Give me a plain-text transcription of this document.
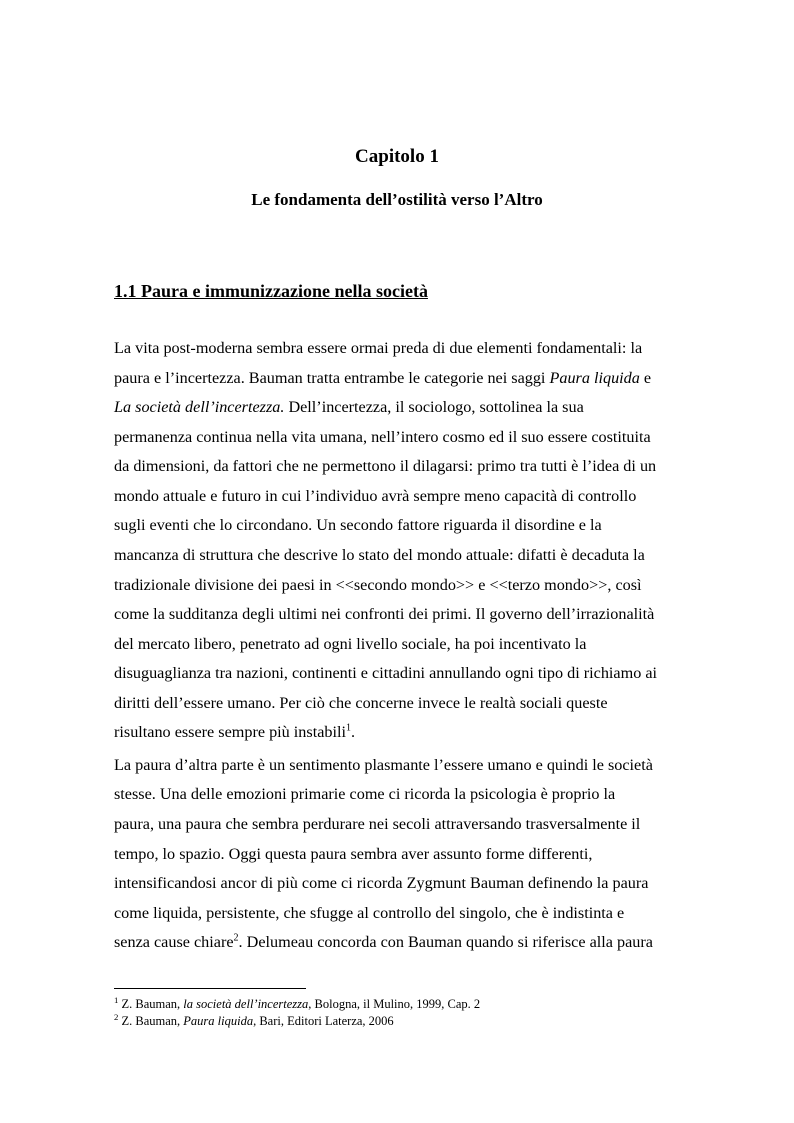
Capitolo 1
Le fondamenta dell’ostilità verso l’Altro
1.1 Paura e immunizzazione nella società

La vita post-moderna sembra essere ormai preda di due elementi fondamentali: la

paura e l’incertezza. Bauman tratta entrambe le categorie nei saggi Paura liquida e

La società dell’incertezza. Dell’incertezza, il sociologo, sottolinea la sua

permanenza continua nella vita umana, nell’intero cosmo ed il suo essere costituita

da dimensioni, da fattori che ne permettono il dilagarsi: primo tra tutti è l’idea di un

mondo attuale e futuro in cui l’individuo avrà sempre meno capacità di controllo

sugli eventi che lo circondano. Un secondo fattore riguarda il disordine e la

mancanza di struttura che descrive lo stato del mondo attuale: difatti è decaduta la

tradizionale divisione dei paesi in <<secondo mondo>> e <<terzo mondo>>, così

come la sudditanza degli ultimi nei confronti dei primi. Il governo dell’irrazionalità

del mercato libero, penetrato ad ogni livello sociale, ha poi incentivato la

disuguaglianza tra nazioni, continenti e cittadini annullando ogni tipo di richiamo ai

diritti dell’essere umano. Per ciò che concerne invece le realtà sociali queste

risultano essere sempre più instabili$^1$.

La paura d’altra parte è un sentimento plasmante l’essere umano e quindi le società

stesse. Una delle emozioni primarie come ci ricorda la psicologia è proprio la

paura, una paura che sembra perdurare nei secoli attraversando trasversalmente il

tempo, lo spazio. Oggi questa paura sembra aver assunto forme differenti,

intensificandosi ancor di più come ci ricorda Zygmunt Bauman definendo la paura

come liquida, persistente, che sfugge al controllo del singolo, che è indistinta e

senza cause chiare$^2$. Delumeau concorda con Bauman quando si riferisce alla paura

$^1$ Z. Bauman, la società dell’incertezza, Bologna, il Mulino, 1999, Cap. 2

$^2$ Z. Bauman, Paura liquida, Bari, Editori Laterza, 2006
